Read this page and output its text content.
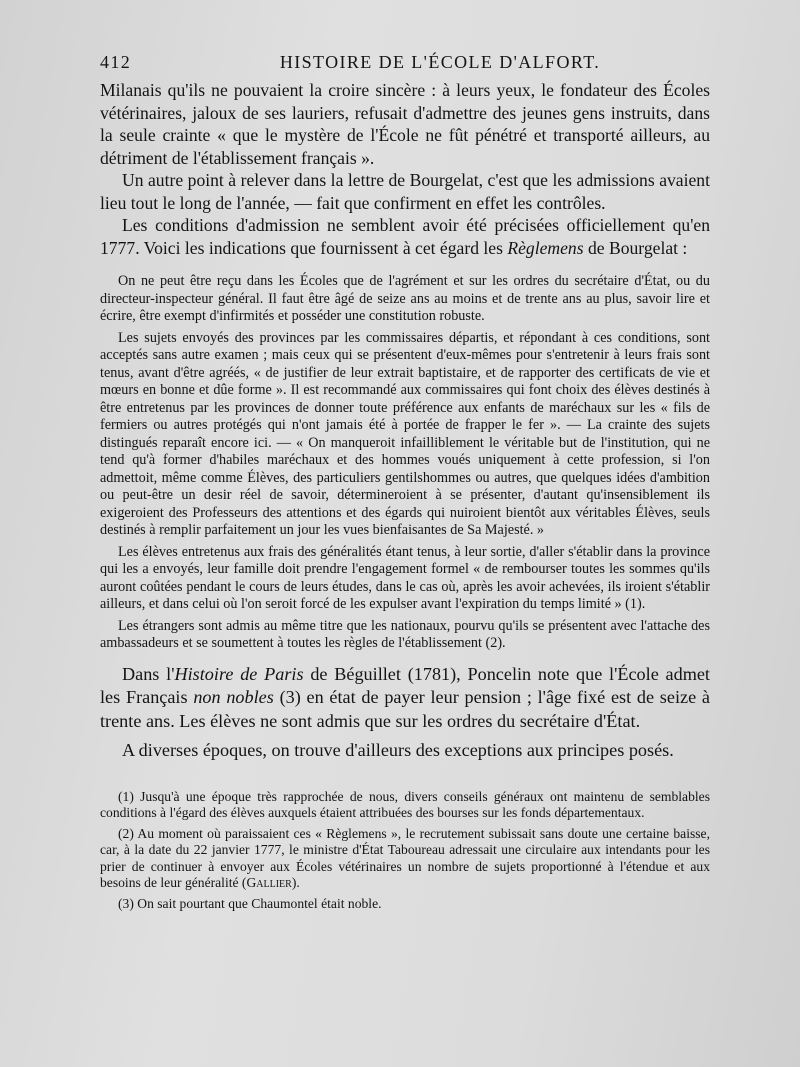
412	HISTOIRE DE L'ÉCOLE D'ALFORT.

Milanais qu'ils ne pouvaient la croire sincère : à leurs yeux, le fondateur des Écoles vétérinaires, jaloux de ses lauriers, refusait d'admettre des jeunes gens instruits, dans la seule crainte « que le mystère de l'École ne fût pénétré et transporté ailleurs, au détriment de l'établissement français ».

Un autre point à relever dans la lettre de Bourgelat, c'est que les admissions avaient lieu tout le long de l'année, — fait que confirment en effet les contrôles.

Les conditions d'admission ne semblent avoir été précisées officiellement qu'en 1777. Voici les indications que fournissent à cet égard les Règlemens de Bourgelat :

On ne peut être reçu dans les Écoles que de l'agrément et sur les ordres du secrétaire d'État, ou du directeur-inspecteur général. Il faut être âgé de seize ans au moins et de trente ans au plus, savoir lire et écrire, être exempt d'infirmités et posséder une constitution robuste.

Les sujets envoyés des provinces par les commissaires départis, et répondant à ces conditions, sont acceptés sans autre examen ; mais ceux qui se présentent d'eux-mêmes pour s'entretenir à leurs frais sont tenus, avant d'être agréés, « de justifier de leur extrait baptistaire, et de rapporter des certificats de vie et mœurs en bonne et dûe forme ». Il est recommandé aux commissaires qui font choix des élèves destinés à être entretenus par les provinces de donner toute préférence aux enfants de maréchaux sur les « fils de fermiers ou autres protégés qui n'ont jamais été à portée de frapper le fer ». — La crainte des sujets distingués reparaît encore ici. — « On manqueroit infailliblement le véritable but de l'institution, qui ne tend qu'à former d'habiles maréchaux et des hommes voués uniquement à cette profession, si l'on admettoit, même comme Élèves, des particuliers gentilshommes ou autres, que quelques idées d'ambition ou peut-être un desir réel de savoir, détermineroient à se présenter, d'autant qu'insensiblement ils exigeroient des Professeurs des attentions et des égards qui nuiroient bientôt aux véritables Élèves, seuls destinés à remplir parfaitement un jour les vues bienfaisantes de Sa Majesté. »

Les élèves entretenus aux frais des généralités étant tenus, à leur sortie, d'aller s'établir dans la province qui les a envoyés, leur famille doit prendre l'engagement formel « de rembourser toutes les sommes qu'ils auront coûtées pendant le cours de leurs études, dans le cas où, après les avoir achevées, ils iroient s'établir ailleurs, et dans celui où l'on seroit forcé de les expulser avant l'expiration du temps limité » (1).

Les étrangers sont admis au même titre que les nationaux, pourvu qu'ils se présentent avec l'attache des ambassadeurs et se soumettent à toutes les règles de l'établissement (2).

Dans l'Histoire de Paris de Béguillet (1781), Poncelin note que l'École admet les Français non nobles (3) en état de payer leur pension ; l'âge fixé est de seize à trente ans. Les élèves ne sont admis que sur les ordres du secrétaire d'État.

A diverses époques, on trouve d'ailleurs des exceptions aux principes posés.

(1) Jusqu'à une époque très rapprochée de nous, divers conseils généraux ont maintenu de semblables conditions à l'égard des élèves auxquels étaient attribuées des bourses sur les fonds départementaux.

(2) Au moment où paraissaient ces « Règlemens », le recrutement subissait sans doute une certaine baisse, car, à la date du 22 janvier 1777, le ministre d'État Taboureau adressait une circulaire aux intendants pour les prier de continuer à envoyer aux Écoles vétérinaires un nombre de sujets proportionné à l'étendue et aux besoins de leur généralité (Gallier).

(3) On sait pourtant que Chaumontel était noble.
